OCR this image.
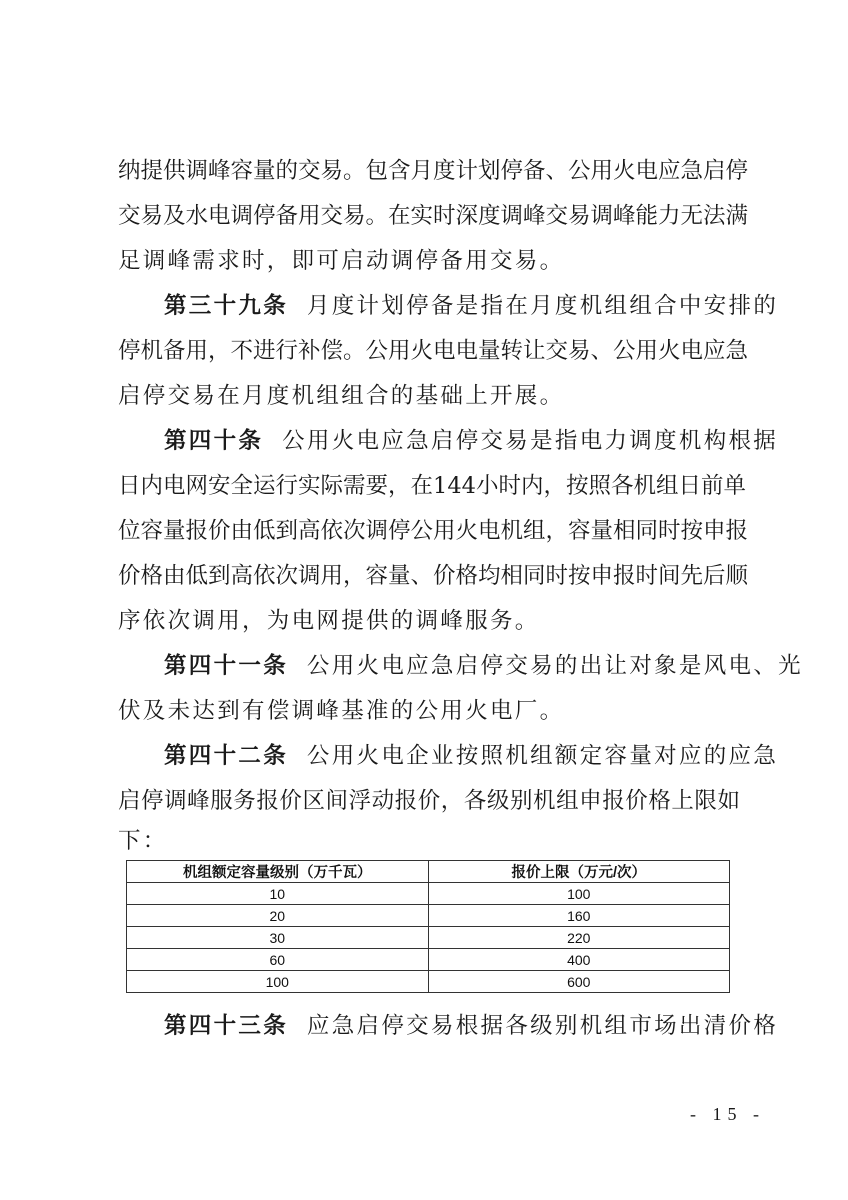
纳提供调峰容量的交易。包含月度计划停备、公用火电应急启停
交易及水电调停备用交易。在实时深度调峰交易调峰能力无法满
足调峰需求时，即可启动调停备用交易。
第三十九条 月度计划停备是指在月度机组组合中安排的
停机备用，不进行补偿。公用火电电量转让交易、公用火电应急
启停交易在月度机组组合的基础上开展。
第四十条 公用火电应急启停交易是指电力调度机构根据
日内电网安全运行实际需要，在144小时内，按照各机组日前单
位容量报价由低到高依次调停公用火电机组，容量相同时按申报
价格由低到高依次调用，容量、价格均相同时按申报时间先后顺
序依次调用，为电网提供的调峰服务。
第四十一条 公用火电应急启停交易的出让对象是风电、光
伏及未达到有偿调峰基准的公用火电厂。
第四十二条 公用火电企业按照机组额定容量对应的应急
启停调峰服务报价区间浮动报价，各级别机组申报价格上限如
下：
机组额定容量级别（万千瓦）	报价上限（万元/次）
10	100
20	160
30	220
60	400
100	600
第四十三条 应急启停交易根据各级别机组市场出清价格
- 15 -
